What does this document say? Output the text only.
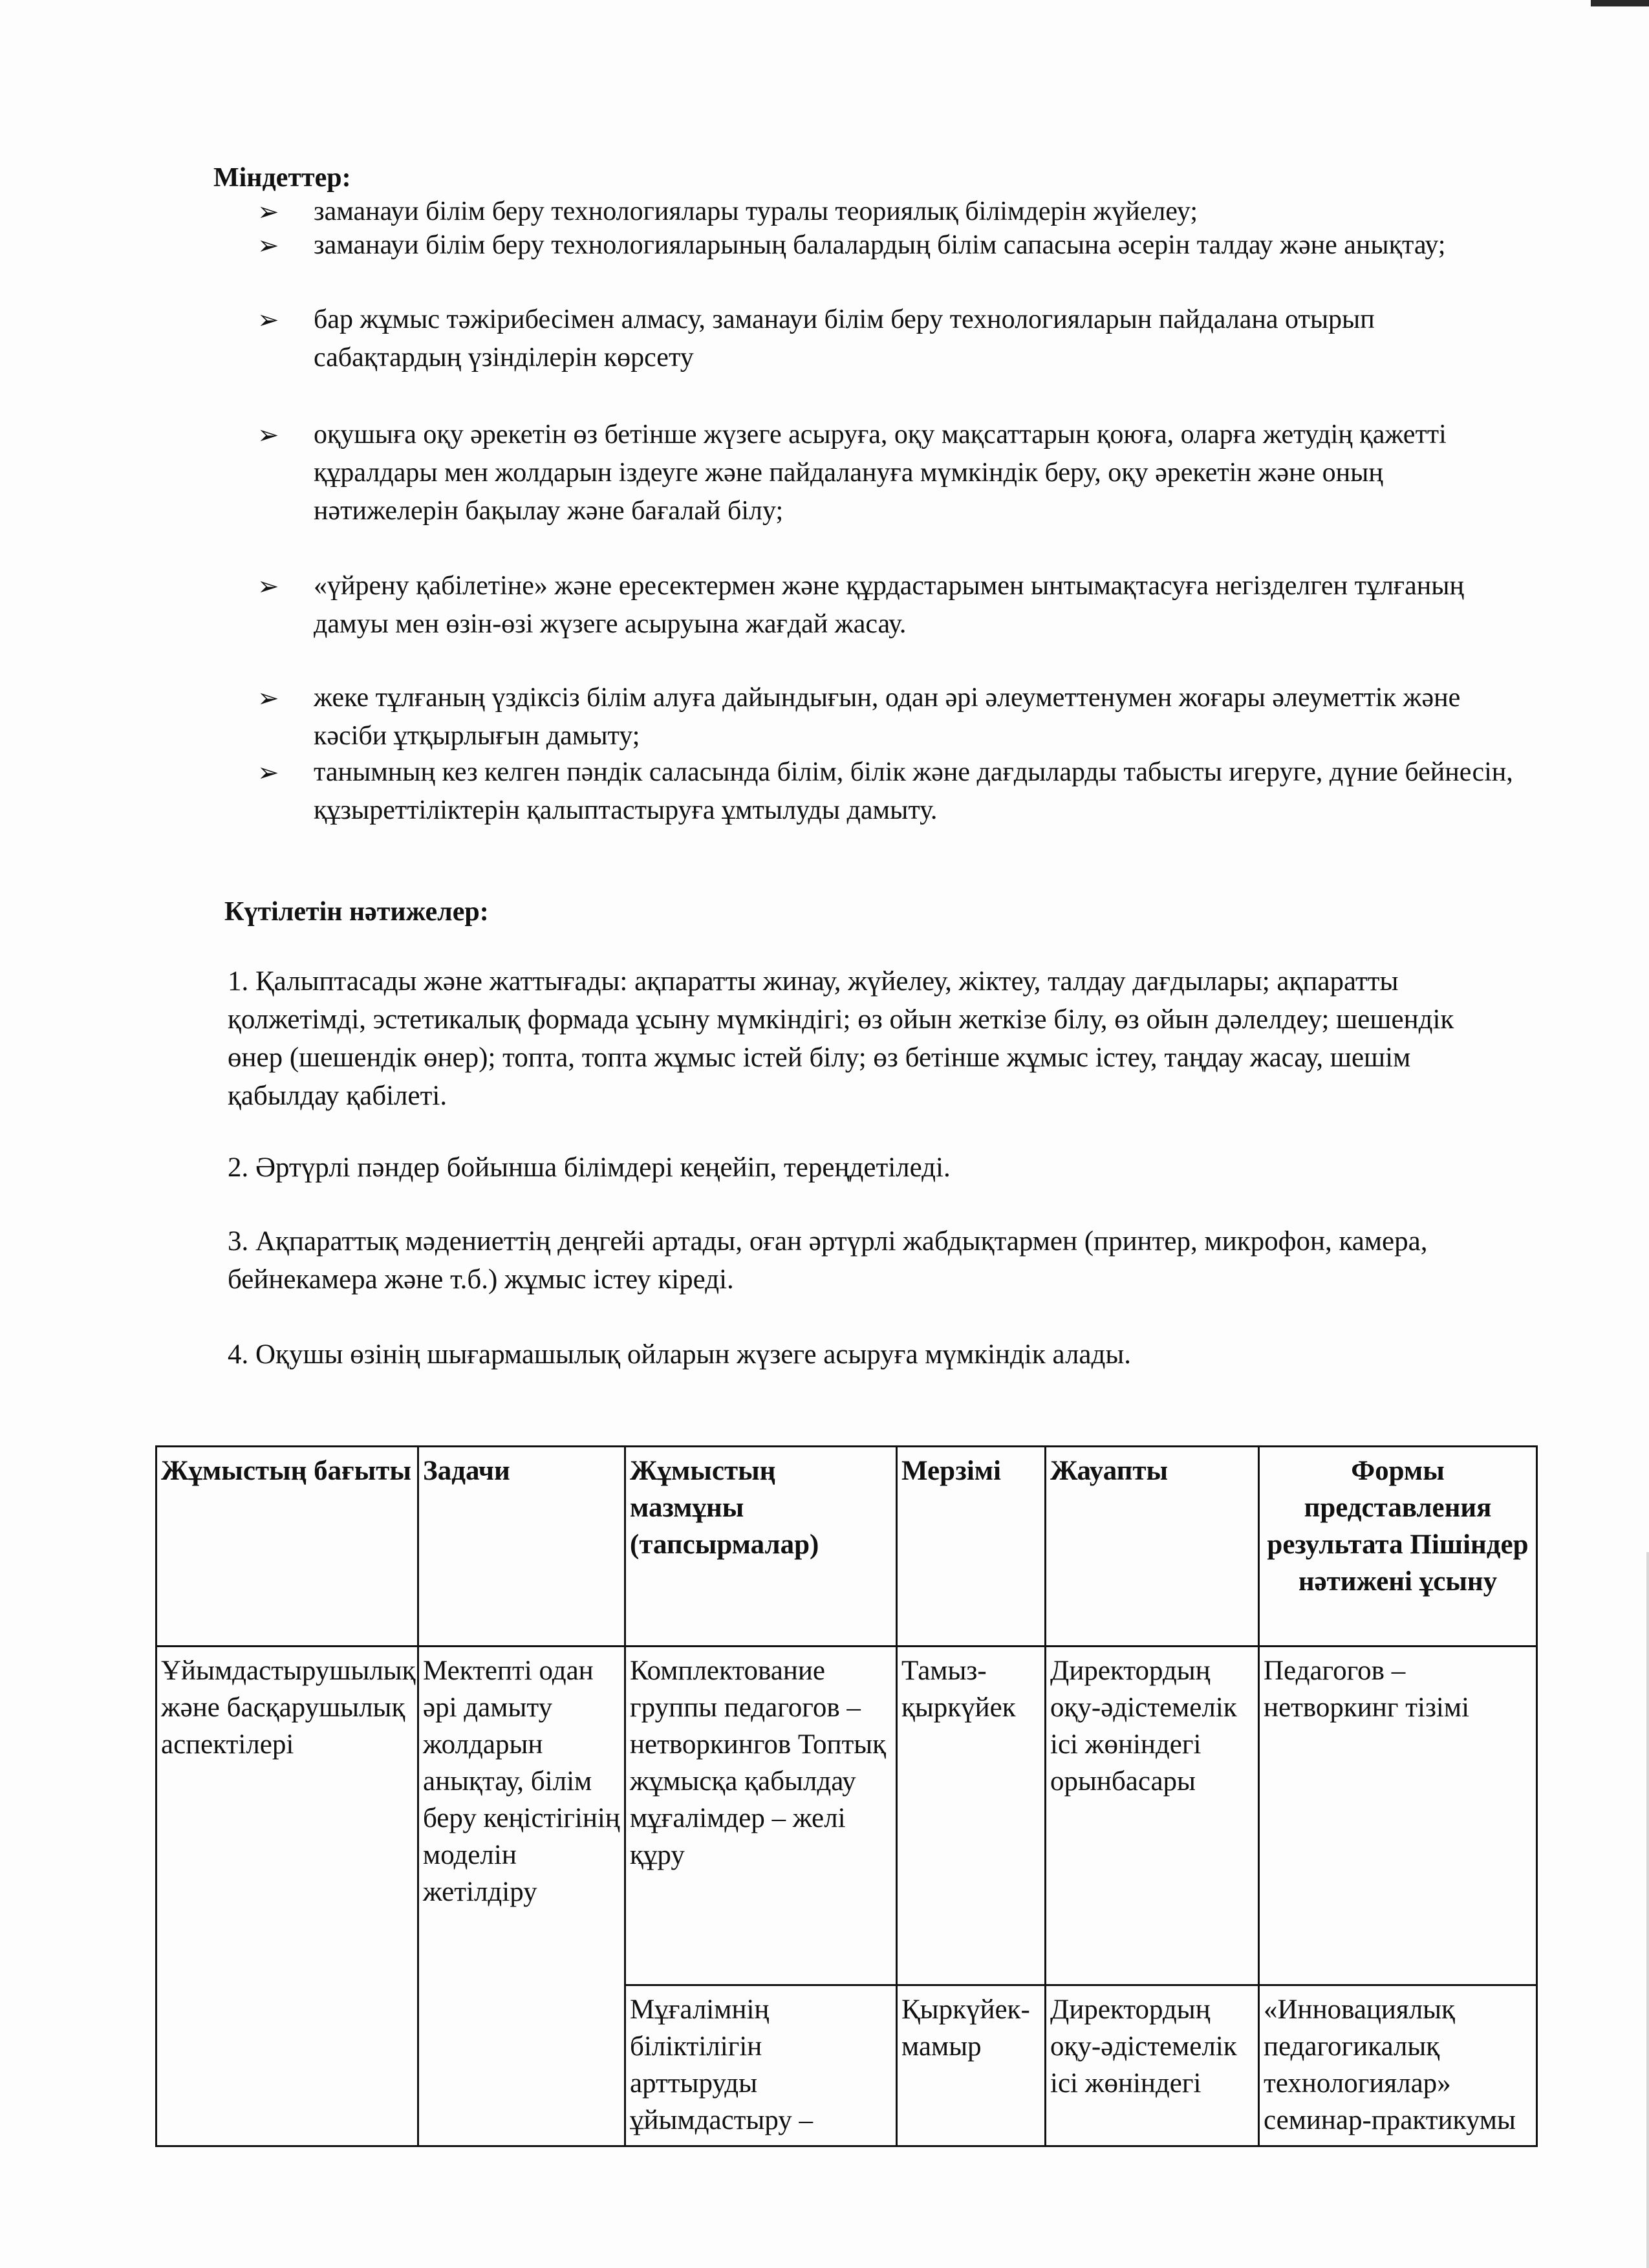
Міндеттер:
➢ заманауи білім беру технологиялары туралы теориялық білімдерін жүйелеу;
➢ заманауи білім беру технологияларының балалардың білім сапасына әсерін талдау және анықтау;
➢ бар жұмыс тәжірибесімен алмасу, заманауи білім беру технологияларын пайдалана отырып сабақтардың үзінділерін көрсету
➢ оқушыға оқу әрекетін өз бетінше жүзеге асыруға, оқу мақсаттарын қоюға, оларға жетудің қажетті құралдары мен жолдарын іздеуге және пайдалануға мүмкіндік беру, оқу әрекетін және оның нәтижелерін бақылау және бағалай білу;
➢ «үйрену қабілетіне» және ересектермен және құрдастарымен ынтымақтасуға негізделген тұлғаның дамуы мен өзін-өзі жүзеге асыруына жағдай жасау.
➢ жеке тұлғаның үздіксіз білім алуға дайындығын, одан әрі әлеуметтенумен жоғары әлеуметтік және кәсіби ұтқырлығын дамыту;
➢ танымның кез келген пәндік саласында білім, білік және дағдыларды табысты игеруге, дүние бейнесін, құзыреттіліктерін қалыптастыруға ұмтылуды дамыту.
Күтілетін нәтижелер:

1. Қалыптасады және жаттығады: ақпаратты жинау, жүйелеу, жіктеу, талдау дағдылары; ақпаратты қолжетімді, эстетикалық формада ұсыну мүмкіндігі; өз ойын жеткізе білу, өз ойын дәлелдеу; шешендік өнер (шешендік өнер); топта, топта жұмыс істей білу; өз бетінше жұмыс істеу, таңдау жасау, шешім қабылдау қабілеті.

2. Әртүрлі пәндер бойынша білімдері кеңейіп, тереңдетіледі.

3. Ақпараттық мәдениеттің деңгейі артады, оған әртүрлі жабдықтармен (принтер, микрофон, камера, бейнекамера және т.б.) жұмыс істеу кіреді.

4. Оқушы өзінің шығармашылық ойларын жүзеге асыруға мүмкіндік алады.

Жұмыстың бағыты	Задачи	Жұмыстың мазмұны (тапсырмалар)	Мерзімі	Жауапты	Формы представления результата Пішіндер нәтижені ұсыну
Ұйымдастырушылық және басқарушылық аспектілері	Мектепті одан әрі дамыту жолдарын анықтау, білім беру кеңістігінің моделін жетілдіру	Комплектование группы педагогов – нетворкингов Топтық жұмысқа қабылдау мұғалімдер – желі құру	Тамыз-қыркүйек	Директордың оқу-әдістемелік ісі жөніндегі орынбасары	Педагогов – нетворкинг тізімі
		Мұғалімнің біліктілігін арттыруды ұйымдастыру –	Қыркүйек-мамыр	Директордың оқу-әдістемелік ісі жөніндегі	«Инновациялық педагогикалық технологиялар» семинар-практикумы
